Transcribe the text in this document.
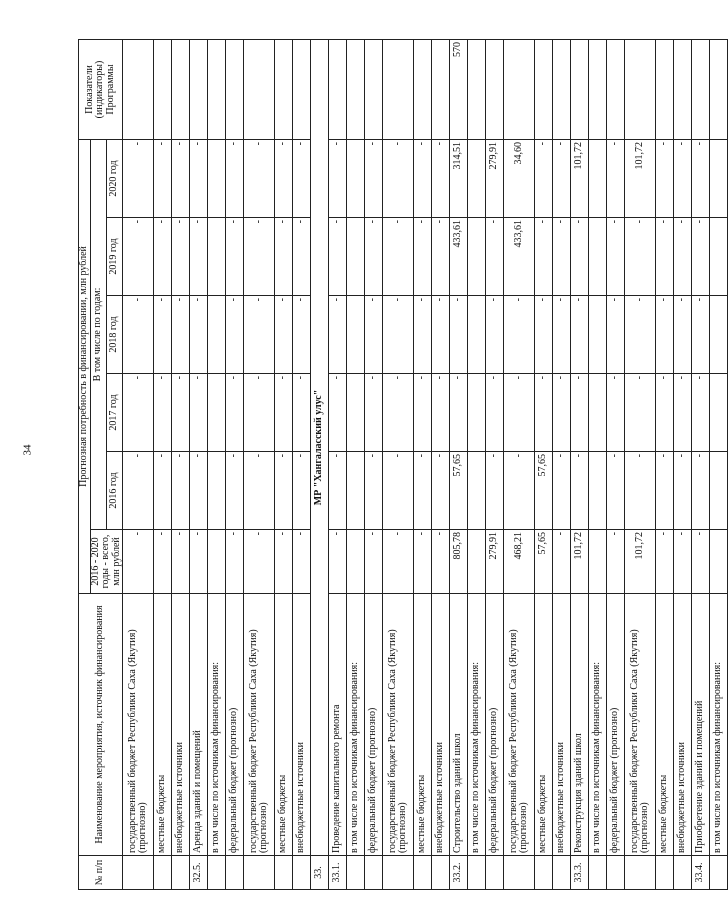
34
№ п/п	Наименование мероприятия, источник финансирования	Прогнозная потребность в финансировании, млн рублей						Показатели (индикаторы) Программы
		2016 - 2020 годы - всего, млн рублей	В том числе по годам:					
			2016 год	2017 год	2018 год	2019 год	2020 год	
	государственный бюджет Республики Саха (Якутия) (прогнозно)	-	-	-	-	-	-	
	местные бюджеты	-	-	-	-	-	-	
	внебюджетные источники	-	-	-	-	-	-	
32.5.	Аренда зданий и помещений	-	-	-	-	-	-	
	в том числе по источникам финансирования:							
	федеральный бюджет (прогнозно)	-	-	-	-	-	-	
	государственный бюджет Республики Саха (Якутия) (прогнозно)	-	-	-	-	-	-	
	местные бюджеты	-	-	-	-	-	-	
	внебюджетные источники	-	-	-	-	-	-	
33.	МР "Хангаласский улус"							
33.1.	Проведение капитального ремонта	-	-	-	-	-	-	
	в том числе по источникам финансирования:							
	федеральный бюджет (прогнозно)	-	-	-	-	-	-	
	государственный бюджет Республики Саха (Якутия) (прогнозно)	-	-	-	-	-	-	
	местные бюджеты	-	-	-	-	-	-	
	внебюджетные источники	-	-	-	-	-	-	
33.2.	Строительство зданий школ	805,78	57,65	-	-	433,61	314,51	570
	в том числе по источникам финансирования:							
	федеральный бюджет (прогнозно)	279,91	-	-	-	-	279,91	
	государственный бюджет Республики Саха (Якутия) (прогнозно)	468,21	-	-	-	433,61	34,60	
	местные бюджеты	57,65	57,65	-	-	-	-	
	внебюджетные источники	-	-	-	-	-	-	
33.3.	Реконструкция зданий школ	101,72	-	-	-	-	101,72	
	в том числе по источникам финансирования:							
	федеральный бюджет (прогнозно)	-	-	-	-	-	-	
	государственный бюджет Республики Саха (Якутия) (прогнозно)	101,72	-	-	-	-	101,72	
	местные бюджеты	-	-	-	-	-	-	
	внебюджетные источники	-	-	-	-	-	-	
33.4.	Приобретение зданий и помещений	-	-	-	-	-	-	
	в том числе по источникам финансирования:							
